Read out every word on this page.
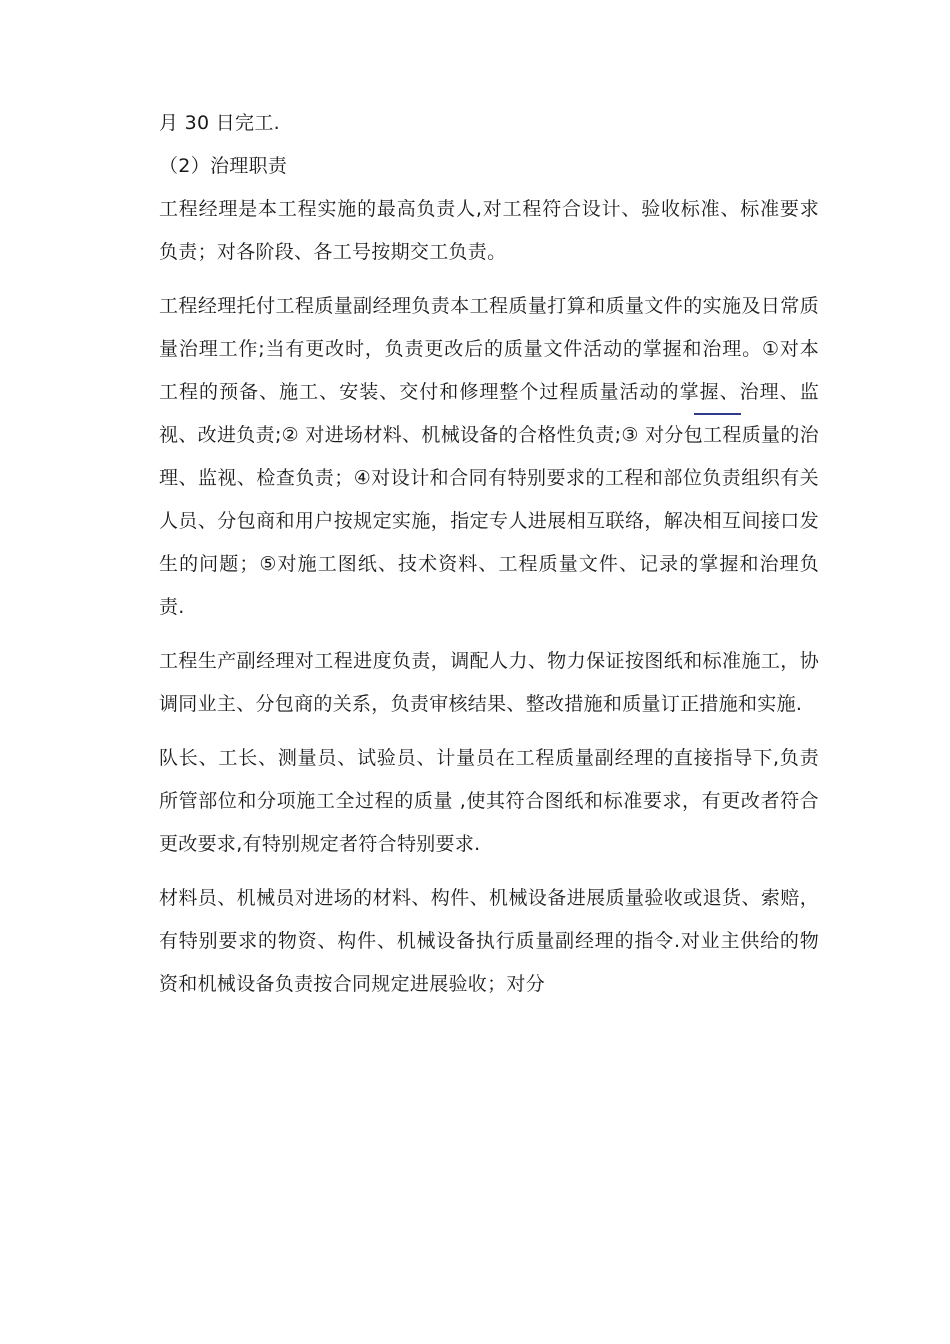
月 30 日完工.

（2）治理职责

工程经理是本工程实施的最高负责人,对工程符合设计、验收标准、标准要求负责；对各阶段、各工号按期交工负责。

工程经理托付工程质量副经理负责本工程质量打算和质量文件的实施及日常质量治理工作;当有更改时，负责更改后的质量文件活动的掌握和治理。①对本工程的预备、施工、安装、交付和修理整个过程质量活动的掌握、治理、监视、改进负责;② 对进场材料、机械设备的合格性负责;③ 对分包工程质量的治理、监视、检查负责；④对设计和合同有特别要求的工程和部位负责组织有关人员、分包商和用户按规定实施，指定专人进展相互联络，解决相互间接口发生的问题；⑤对施工图纸、技术资料、工程质量文件、记录的掌握和治理负责.

工程生产副经理对工程进度负责，调配人力、物力保证按图纸和标准施工，协调同业主、分包商的关系，负责审核结果、整改措施和质量订正措施和实施.

队长、工长、测量员、试验员、计量员在工程质量副经理的直接指导下,负责所管部位和分项施工全过程的质量 ,使其符合图纸和标准要求，有更改者符合更改要求,有特别规定者符合特别要求.

材料员、机械员对进场的材料、构件、机械设备进展质量验收或退货、索赔，有特别要求的物资、构件、机械设备执行质量副经理的指令.对业主供给的物资和机械设备负责按合同规定进展验收；对分
